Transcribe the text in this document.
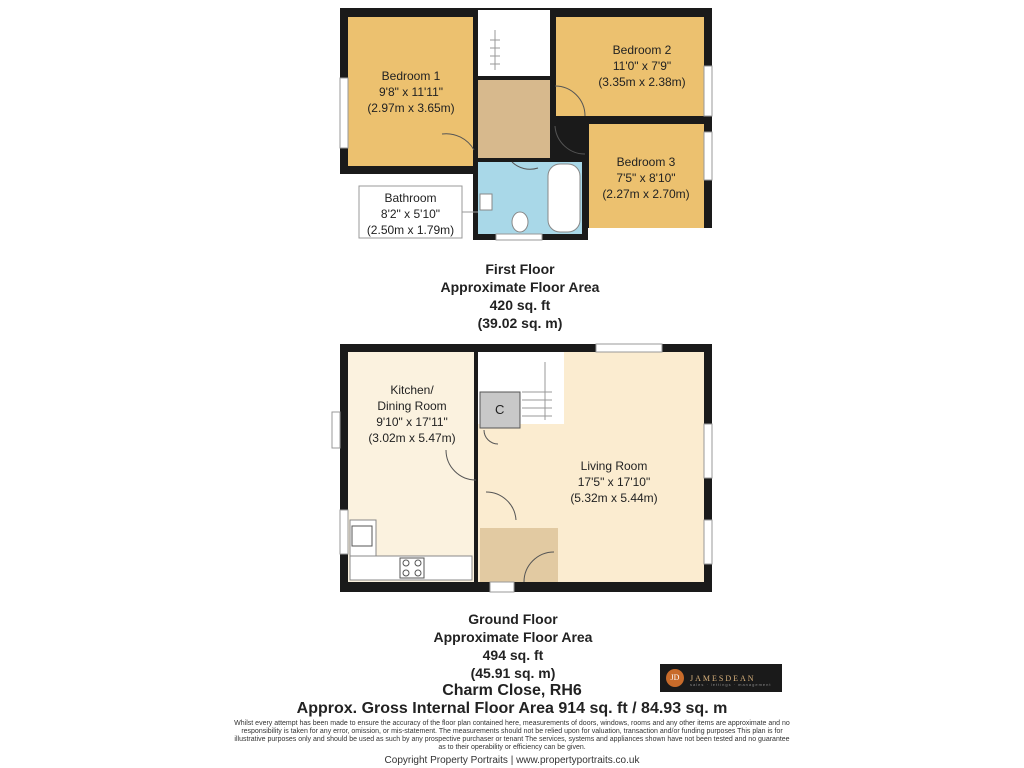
Bedroom 1
9'8" x 11'11"
(2.97m x 3.65m)
Bedroom 2
11'0" x 7'9"
(3.35m x 2.38m)
Bedroom 3
7'5" x 8'10"
(2.27m x 2.70m)
Bathroom
8'2" x 5'10"
(2.50m x 1.79m)
First Floor
Approximate Floor Area
420 sq. ft
(39.02 sq. m)
Kitchen/
Dining Room
9'10" x 17'11"
(3.02m x 5.47m)
C
Living Room
17'5" x 17'10"
(5.32m x 5.44m)
Ground Floor
Approximate Floor Area
494 sq. ft
(45.91 sq. m)	JD	JAMESDEAN
sales · lettings · management
Charm Close, RH6
Approx. Gross Internal Floor Area 914 sq. ft / 84.93 sq. m
Whilst every attempt has been made to ensure the accuracy of the floor plan contained here, measurements of doors, windows, rooms and any other items are approximate and no responsibility is taken for any error, omission, or mis-statement. The measurements should not be relied upon for valuation, transaction and/or funding purposes This plan is for illustrative purposes only and should be used as such by any prospective purchaser or tenant The services, systems and appliances shown have not been tested and no guarantee as to their operability or efficiency can be given.
Copyright Property Portraits | www.propertyportraits.co.uk
